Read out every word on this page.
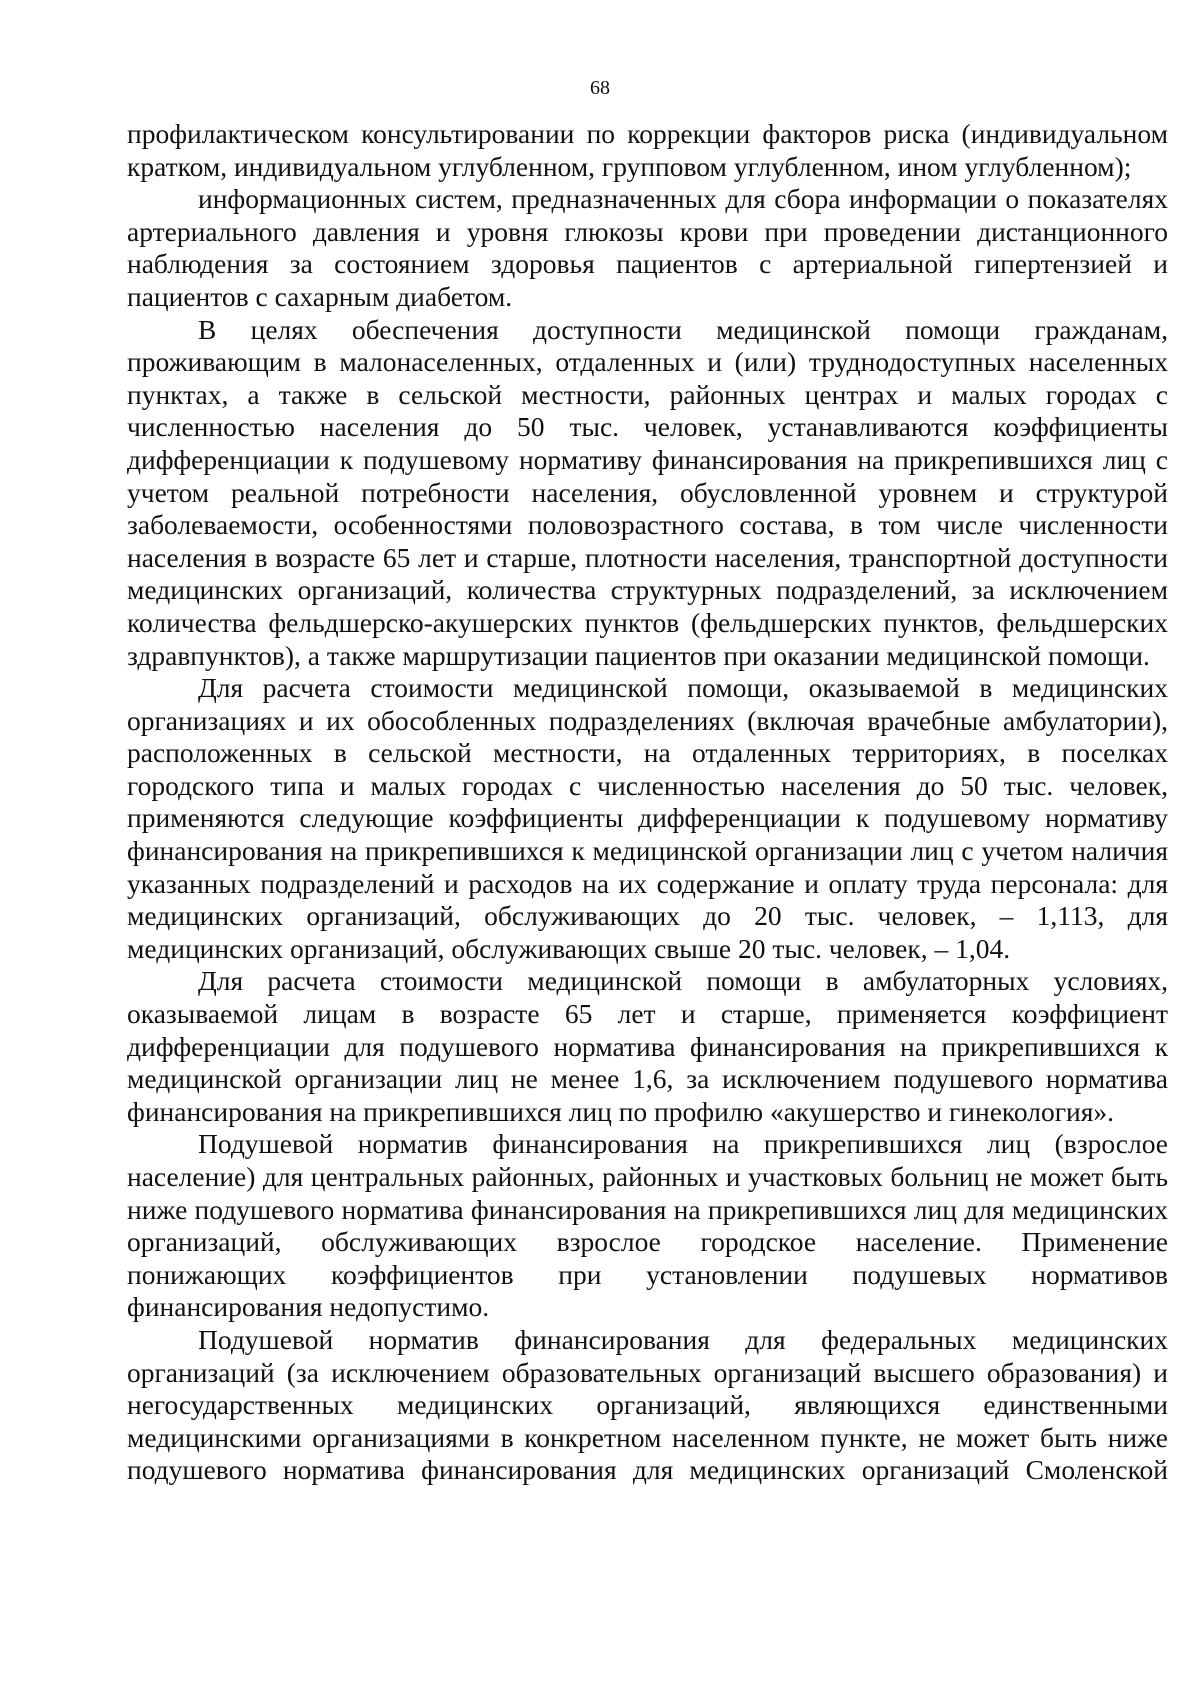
68

профилактическом консультировании по коррекции факторов риска (индивидуальном кратком, индивидуальном углубленном, групповом углубленном, ином углубленном);

информационных систем, предназначенных для сбора информации о показателях артериального давления и уровня глюкозы крови при проведении дистанционного наблюдения за состоянием здоровья пациентов с артериальной гипертензией и пациентов с сахарным диабетом.

В целях обеспечения доступности медицинской помощи гражданам, проживающим в малонаселенных, отдаленных и (или) труднодоступных населенных пунктах, а также в сельской местности, районных центрах и малых городах с численностью населения до 50 тыс. человек, устанавливаются коэффициенты дифференциации к подушевому нормативу финансирования на прикрепившихся лиц с учетом реальной потребности населения, обусловленной уровнем и структурой заболеваемости, особенностями половозрастного состава, в том числе численности населения в возрасте 65 лет и старше, плотности населения, транспортной доступности медицинских организаций, количества структурных подразделений, за исключением количества фельдшерско-акушерских пунктов (фельдшерских пунктов, фельдшерских здравпунктов), а также маршрутизации пациентов при оказании медицинской помощи.

Для расчета стоимости медицинской помощи, оказываемой в медицинских организациях и их обособленных подразделениях (включая врачебные амбулатории), расположенных в сельской местности, на отдаленных территориях, в поселках городского типа и малых городах с численностью населения до 50 тыс. человек, применяются следующие коэффициенты дифференциации к подушевому нормативу финансирования на прикрепившихся к медицинской организации лиц с учетом наличия указанных подразделений и расходов на их содержание и оплату труда персонала: для медицинских организаций, обслуживающих до 20 тыс. человек, – 1,113, для медицинских организаций, обслуживающих свыше 20 тыс. человек, – 1,04.

Для расчета стоимости медицинской помощи в амбулаторных условиях, оказываемой лицам в возрасте 65 лет и старше, применяется коэффициент дифференциации для подушевого норматива финансирования на прикрепившихся к медицинской организации лиц не менее 1,6, за исключением подушевого норматива финансирования на прикрепившихся лиц по профилю «акушерство и гинекология».

Подушевой норматив финансирования на прикрепившихся лиц (взрослое население) для центральных районных, районных и участковых больниц не может быть ниже подушевого норматива финансирования на прикрепившихся лиц для медицинских организаций, обслуживающих взрослое городское население. Применение понижающих коэффициентов при установлении подушевых нормативов финансирования недопустимо.

Подушевой норматив финансирования для федеральных медицинских организаций (за исключением образовательных организаций высшего образования) и негосударственных медицинских организаций, являющихся единственными медицинскими организациями в конкретном населенном пункте, не может быть ниже подушевого норматива финансирования для медицинских организаций Смоленской
